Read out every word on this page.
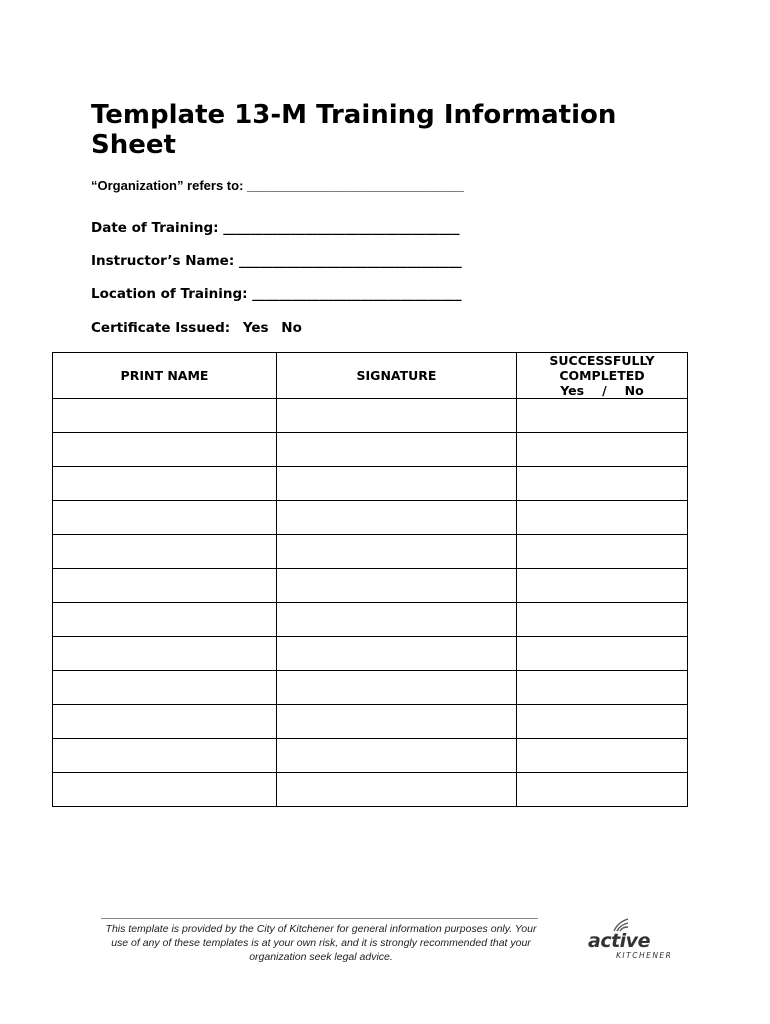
Template 13-M Training Information Sheet
“Organization” refers to: ______________________________
Date of Training: ___________________________________
Instructor’s Name: _________________________________
Location of Training: _______________________________
Certificate Issued: Yes No
PRINT NAME	SIGNATURE	SUCCESSFULLY
COMPLETED
Yes / No

This template is provided by the City of Kitchener for general information purposes only. Your use of any of these templates is at your own risk, and it is strongly recommended that your organization seek legal advice.
active
KITCHENER
